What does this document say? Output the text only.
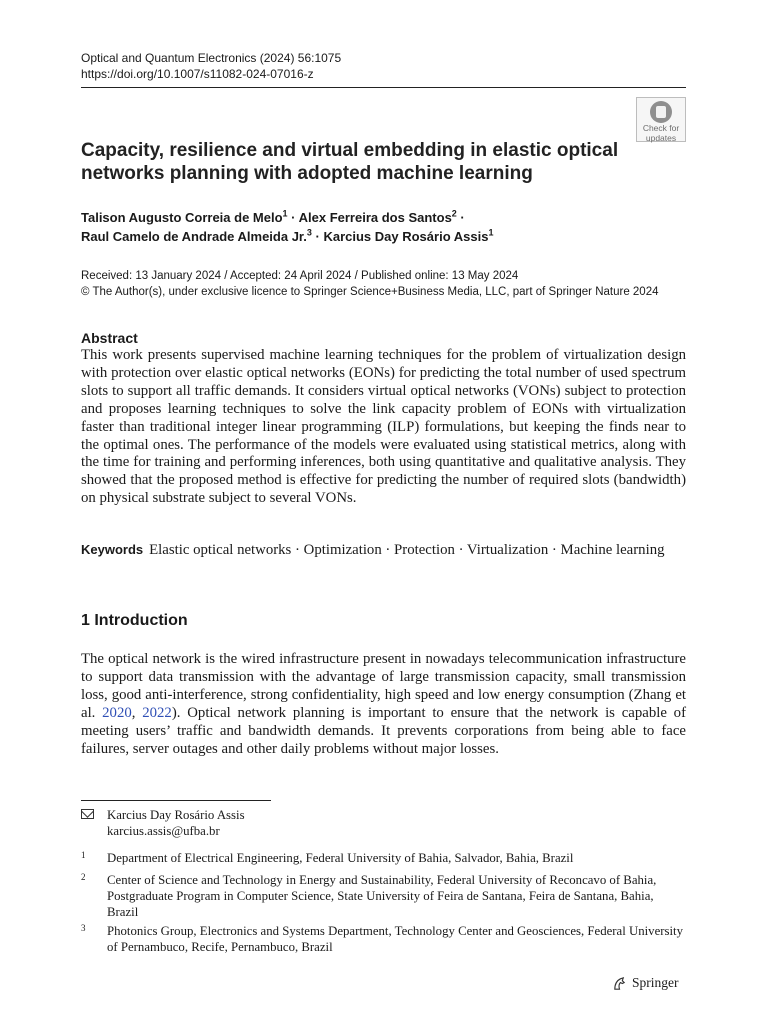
Optical and Quantum Electronics (2024) 56:1075
https://doi.org/10.1007/s11082-024-07016-z
Check for
updates
Capacity, resilience and virtual embedding in elastic optical networks planning with adopted machine learning
Talison Augusto Correia de Melo$^1$ · Alex Ferreira dos Santos$^2$ ·
Raul Camelo de Andrade Almeida Jr.$^3$ · Karcius Day Rosário Assis$^1$
Received: 13 January 2024 / Accepted: 24 April 2024 / Published online: 13 May 2024
© The Author(s), under exclusive licence to Springer Science+Business Media, LLC, part of Springer Nature 2024
Abstract

This work presents supervised machine learning techniques for the problem of virtualization design with protection over elastic optical networks (EONs) for predicting the total number of used spectrum slots to support all traffic demands. It considers virtual optical networks (VONs) subject to protection and proposes learning techniques to solve the link capacity problem of EONs with virtualization faster than traditional integer linear programming (ILP) formulations, but keeping the finds near to the optimal ones. The performance of the models were evaluated using statistical metrics, along with the time for training and performing inferences, both using quantitative and qualitative analysis. They showed that the proposed method is effective for predicting the number of required slots (bandwidth) on physical substrate subject to several VONs.

Keywords Elastic optical networks · Optimization · Protection · Virtualization · Machine learning

1 Introduction

The optical network is the wired infrastructure present in nowadays telecommunication infrastructure to support data transmission with the advantage of large transmission capacity, small transmission loss, good anti-interference, strong confidentiality, high speed and low energy consumption (Zhang et al. 2020, 2022). Optical network planning is important to ensure that the network is capable of meeting users’ traffic and bandwidth demands. It prevents corporations from being able to face failures, server outages and other daily problems without major losses.

Karcius Day Rosário Assis
karcius.assis@ufba.br
1 Department of Electrical Engineering, Federal University of Bahia, Salvador, Bahia, Brazil
2 Center of Science and Technology in Energy and Sustainability, Federal University of Reconcavo of Bahia, Postgraduate Program in Computer Science, State University of Feira de Santana, Feira de Santana, Bahia, Brazil
3 Photonics Group, Electronics and Systems Department, Technology Center and Geosciences, Federal University of Pernambuco, Recife, Pernambuco, Brazil
Springer
